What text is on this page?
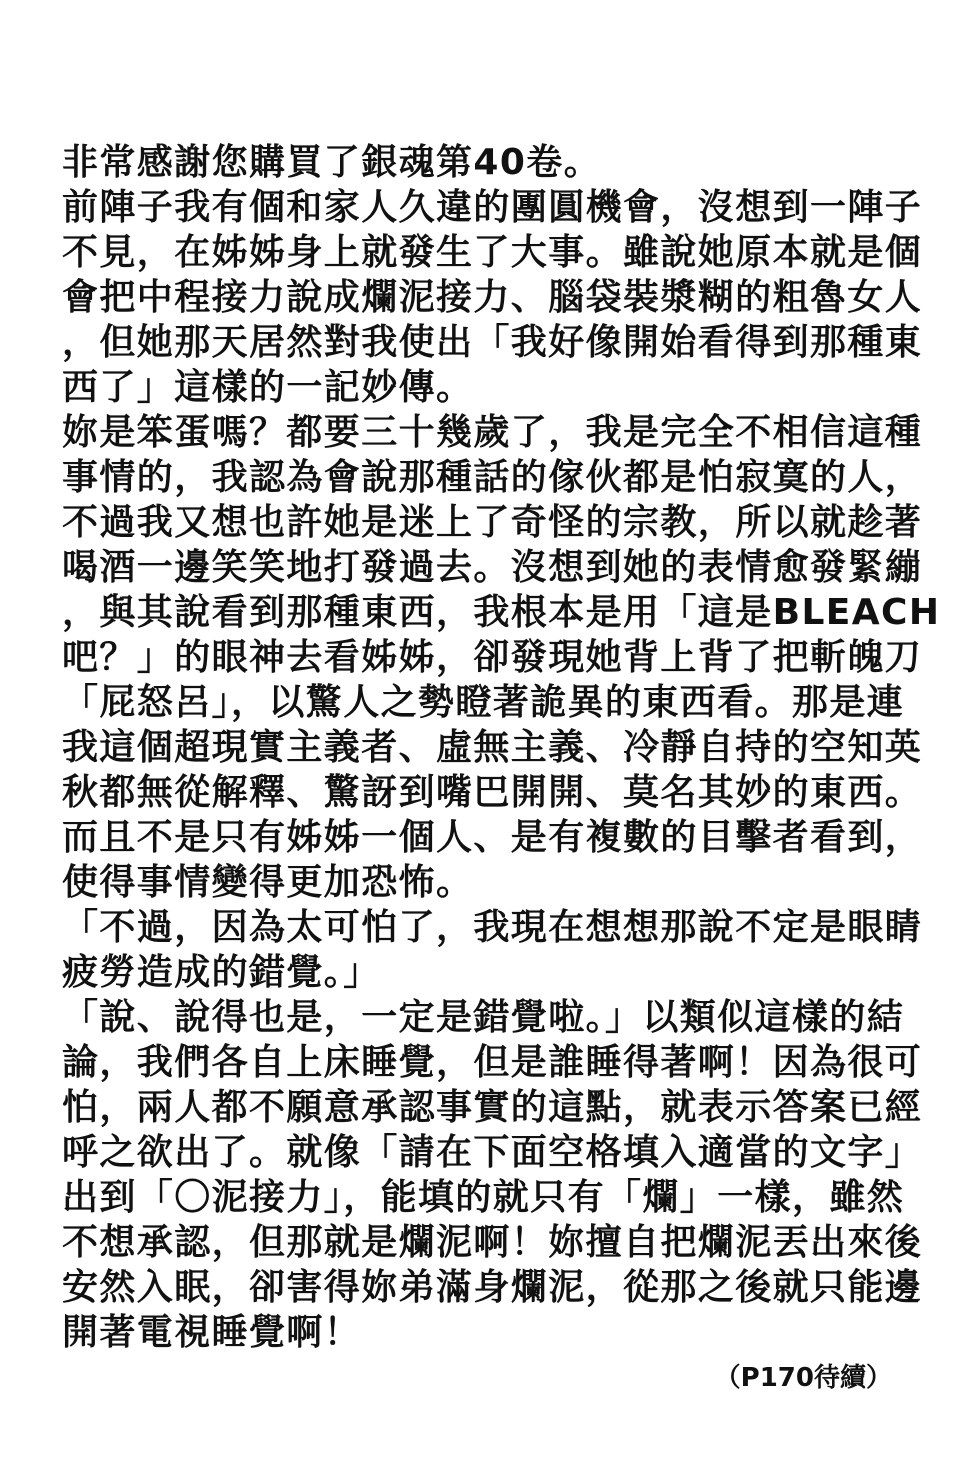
非常感謝您購買了銀魂第40卷。
前陣子我有個和家人久違的團圓機會，沒想到一陣子
不見，在姊姊身上就發生了大事。雖說她原本就是個
會把中程接力說成爛泥接力、腦袋裝漿糊的粗魯女人
，但她那天居然對我使出「我好像開始看得到那種東
西了」這樣的一記妙傳。
妳是笨蛋嗎？都要三十幾歲了，我是完全不相信這種
事情的，我認為會說那種話的傢伙都是怕寂寞的人，
不過我又想也許她是迷上了奇怪的宗教，所以就趁著
喝酒一邊笑笑地打發過去。沒想到她的表情愈發緊繃
，與其說看到那種東西，我根本是用「這是BLEACH
吧？」的眼神去看姊姊，卻發現她背上背了把斬魄刀
「屁怒呂」，以驚人之勢瞪著詭異的東西看。那是連
我這個超現實主義者、虛無主義、冷靜自持的空知英
秋都無從解釋、驚訝到嘴巴開開、莫名其妙的東西。
而且不是只有姊姊一個人、是有複數的目擊者看到，
使得事情變得更加恐怖。
「不過，因為太可怕了，我現在想想那說不定是眼睛
疲勞造成的錯覺。」
「說、說得也是，一定是錯覺啦。」以類似這樣的結
論，我們各自上床睡覺，但是誰睡得著啊！因為很可
怕，兩人都不願意承認事實的這點，就表示答案已經
呼之欲出了。就像「請在下面空格填入適當的文字」
出到「〇泥接力」，能填的就只有「爛」一樣，雖然
不想承認，但那就是爛泥啊！妳擅自把爛泥丟出來後
安然入眠，卻害得妳弟滿身爛泥，從那之後就只能邊
開著電視睡覺啊！
（P170待續）
